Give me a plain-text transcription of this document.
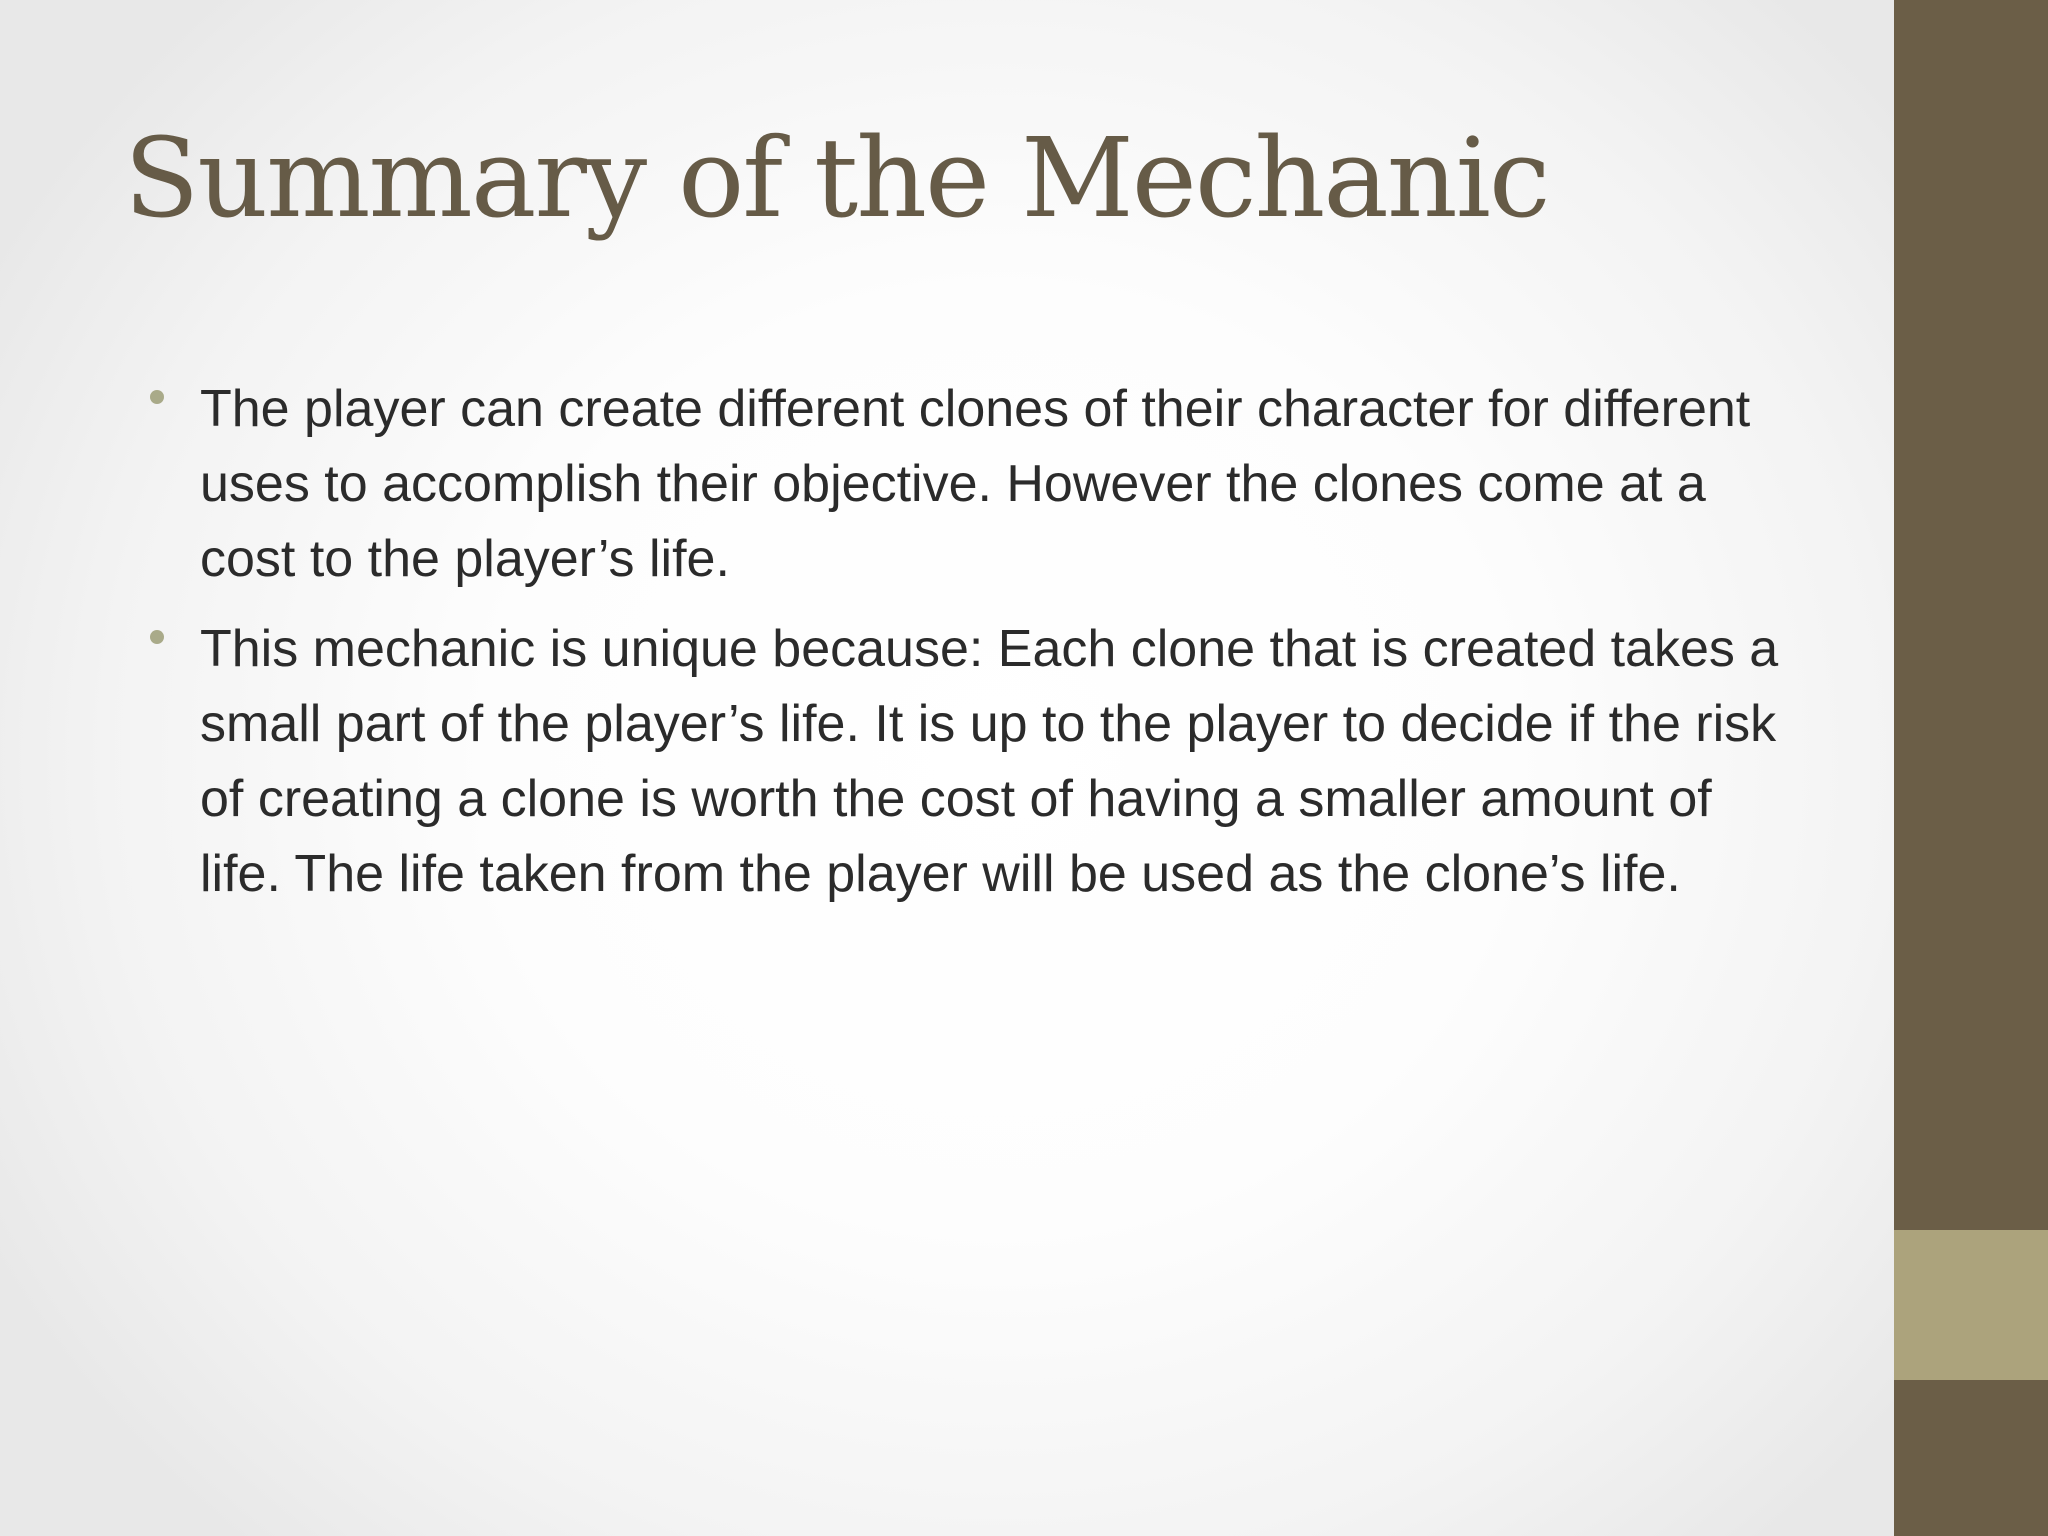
Summary of the Mechanic
The player can create different clones of their character for different uses to accomplish their objective. However the clones come at a cost to the player’s life.
This mechanic is unique because: Each clone that is created takes a small part of the player’s life. It is up to the player to decide if the risk of creating a clone is worth the cost of having a smaller amount of life. The life taken from the player will be used as the clone’s life.
